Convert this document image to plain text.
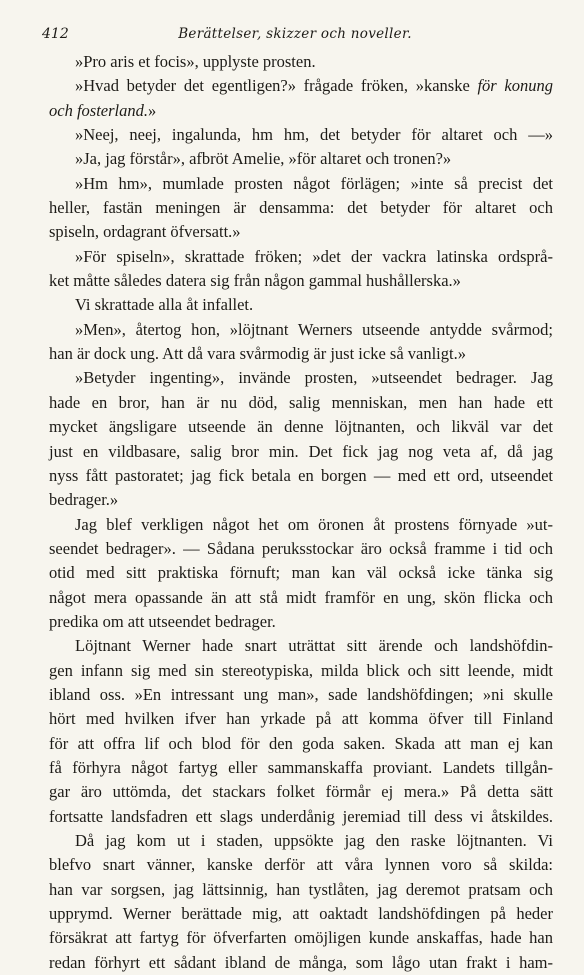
412	Berättelser, skizzer och noveller.
»Pro aris et focis», upplyste prosten.
»Hvad betyder det egentligen?» frågade fröken, »kanske för konung
och fosterland.»
»Neej, neej, ingalunda, hm hm, det betyder för altaret och —»
»Ja, jag förstår», afbröt Amelie, »för altaret och tronen?»
»Hm hm», mumlade prosten något förlägen; »inte så precist det
heller, fastän meningen är densamma: det betyder för altaret och
spiseln, ordagrant öfversatt.»
»För spiseln», skrattade fröken; »det der vackra latinska ordsprå-
ket måtte således datera sig från någon gammal hushållerska.»
Vi skrattade alla åt infallet.
»Men», återtog hon, »löjtnant Werners utseende antydde svårmod;
han är dock ung. Att då vara svårmodig är just icke så vanligt.»
»Betyder ingenting», invände prosten, »utseendet bedrager. Jag
hade en bror, han är nu död, salig menniskan, men han hade ett
mycket ängsligare utseende än denne löjtnanten, och likväl var det
just en vildbasare, salig bror min. Det fick jag nog veta af, då jag
nyss fått pastoratet; jag fick betala en borgen — med ett ord, utseendet
bedrager.»
Jag blef verkligen något het om öronen åt prostens förnyade »ut-
seendet bedrager». — Sådana peruksstockar äro också framme i tid och
otid med sitt praktiska förnuft; man kan väl också icke tänka sig
något mera opassande än att stå midt framför en ung, skön flicka och
predika om att utseendet bedrager.
Löjtnant Werner hade snart uträttat sitt ärende och landshöfdin-
gen infann sig med sin stereotypiska, milda blick och sitt leende, midt
ibland oss. »En intressant ung man», sade landshöfdingen; »ni skulle
hört med hvilken ifver han yrkade på att komma öfver till Finland
för att offra lif och blod för den goda saken. Skada att man ej kan
få förhyra något fartyg eller sammanskaffa proviant. Landets tillgån-
gar äro uttömda, det stackars folket förmår ej mera.» På detta sätt
fortsatte landsfadren ett slags underdånig jeremiad till dess vi åtskildes.
Då jag kom ut i staden, uppsökte jag den raske löjtnanten. Vi
blefvo snart vänner, kanske derför att våra lynnen voro så skilda:
han var sorgsen, jag lättsinnig, han tystlåten, jag deremot pratsam och
upprymd. Werner berättade mig, att oaktadt landshöfdingen på heder
försäkrat att fartyg för öfverfarten omöjligen kunde anskaffas, hade han
redan förhyrt ett sådant ibland de många, som lågo utan frakt i ham-
